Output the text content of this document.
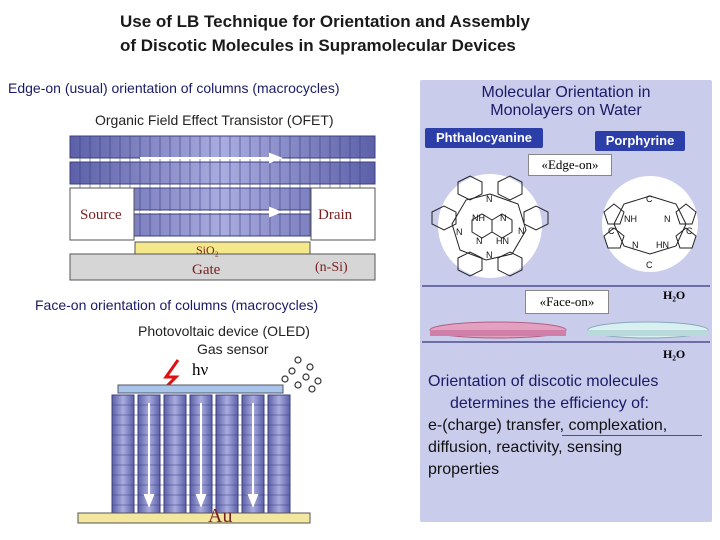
Use of LB Technique for Orientation and Assembly
of Discotic Molecules in Supramolecular Devices
Edge-on (usual) orientation of columns (macrocycles)
Organic Field Effect Transistor (OFET)
Source	Drain
SiO₂
Gate	(n-Si)
Face-on orientation of columns (macrocycles)
Photovoltaic device (OLED)
Gas sensor
hν
Au
Molecular Orientation in
Monolayers on Water
Phthalocyanine	Porphyrine
«Edge-on»
N
NH N
N
N HN
N
N
C
NH	N
C	C
N HN
C
«Face-on»	H₂O
H₂O
Orientation of discotic molecules
determines the efficiency of:
e-(charge) transfer, complexation,
diffusion, reactivity, sensing
properties
